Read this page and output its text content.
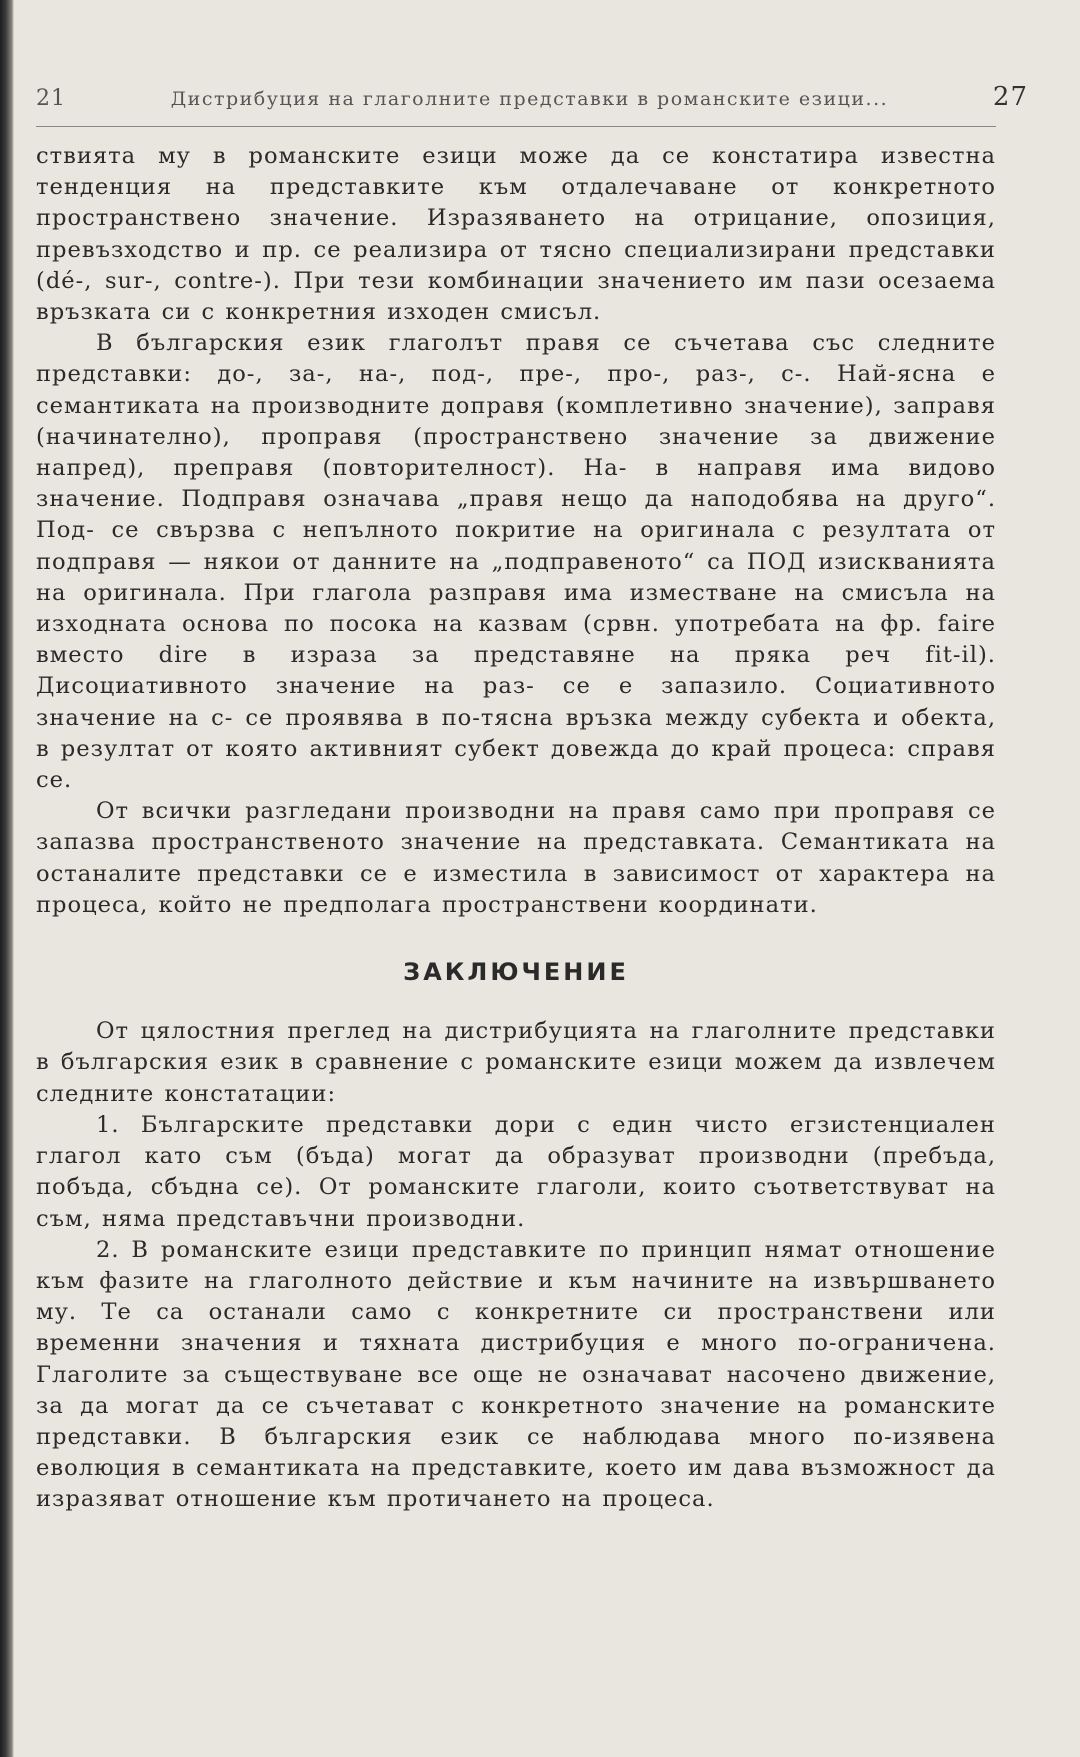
21	Дистрибуция на глаголните представки в романските езици...	27

ствията му в романските езици може да се констатира известна тенденция на представките към отдалечаване от конкретното пространствено значение. Изразяването на отрицание, опозиция, превъзходство и пр. се реализира от тясно специализирани представки (dé-, sur-, contre-). При тези комбинации значението им пази осезаема връзката си с конкретния изходен смисъл.

В българския език глаголът правя се съчетава със следните представки: до-, за-, на-, под-, пре-, про-, раз-, с-. Най-ясна е семантиката на производните доправя (комплетивно значение), заправя (начинателно), проправя (пространствено значение за движение напред), преправя (повторителност). На- в направя има видово значение. Подправя означава „правя нещо да наподобява на друго“. Под- се свързва с непълното покритие на оригинала с резултата от подправя — някои от данните на „подправеното“ са ПОД изискванията на оригинала. При глагола разправя има изместване на смисъла на изходната основа по посока на казвам (срвн. употребата на фр. faire вместо dire в израза за представяне на пряка реч fit-il). Дисоциативното значение на раз- се е запазило. Социативното значение на с- се проявява в по-тясна връзка между субекта и обекта, в резултат от която активният субект довежда до край процеса: справя се.

От всички разгледани производни на правя само при проправя се запазва пространственото значение на представката. Семантиката на останалите представки се е изместила в зависимост от характера на процеса, който не предполага пространствени координати.

ЗАКЛЮЧЕНИЕ

От цялостния преглед на дистрибуцията на глаголните представки в българския език в сравнение с романските езици можем да извлечем следните констатации:

1. Българските представки дори с един чисто егзистенциален глагол като съм (бъда) могат да образуват производни (пребъда, побъда, сбъдна се). От романските глаголи, които съответствуват на съм, няма представъчни производни.

2. В романските езици представките по принцип нямат отношение към фазите на глаголното действие и към начините на извършването му. Те са останали само с конкретните си пространствени или временни значения и тяхната дистрибуция е много по-ограничена. Глаголите за съществуване все още не означават насочено движение, за да могат да се съчетават с конкретното значение на романските представки. В българския език се наблюдава много по-изявена еволюция в семантиката на представките, което им дава възможност да изразяват отношение към протичането на процеса.
